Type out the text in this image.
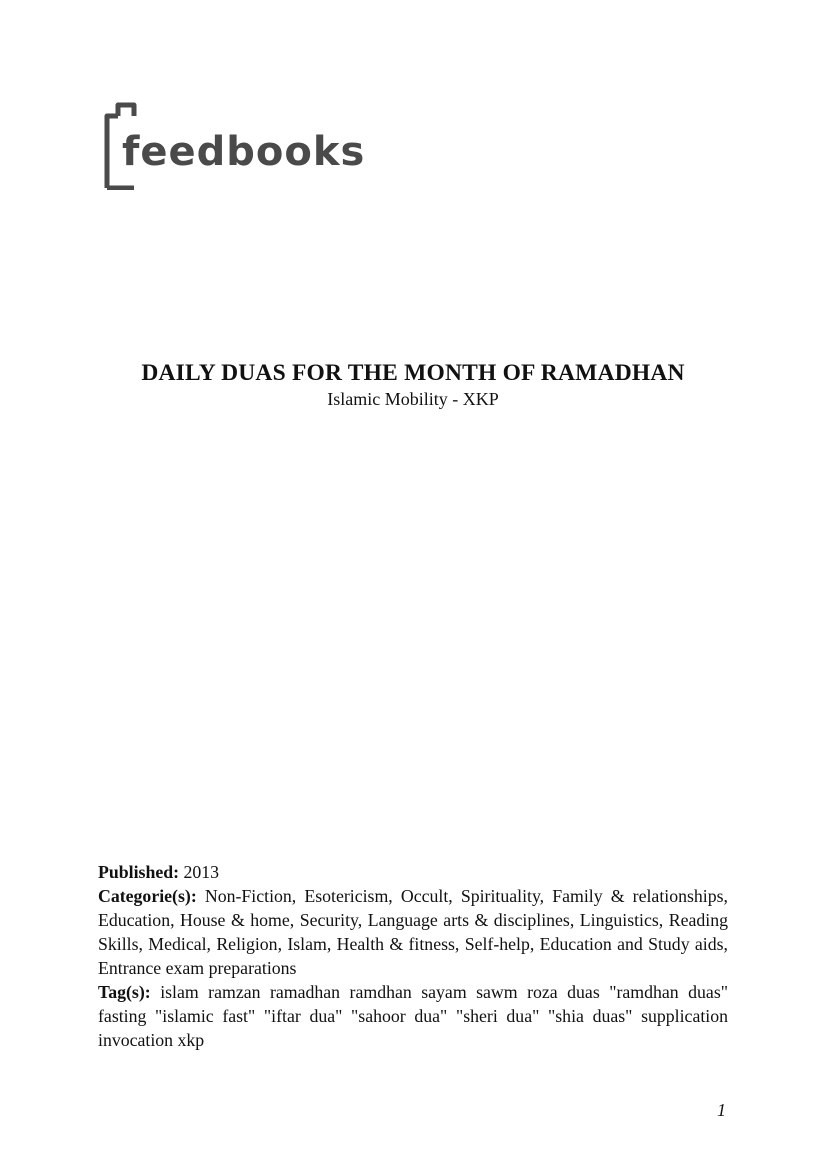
feedbooks
DAILY DUAS FOR THE MONTH OF RAMADHAN
Islamic Mobility - XKP

Published: 2013

Categorie(s): Non-Fiction, Esotericism, Occult, Spirituality, Family & relationships, Education, House & home, Security, Language arts & disciplines, Linguistics, Reading Skills, Medical, Religion, Islam, Health & fitness, Self-help, Education and Study aids, Entrance exam preparations

Tag(s): islam ramzan ramadhan ramdhan sayam sawm roza duas "ramdhan duas" fasting "islamic fast" "iftar dua" "sahoor dua" "sheri dua" "shia duas" supplication invocation xkp

1
